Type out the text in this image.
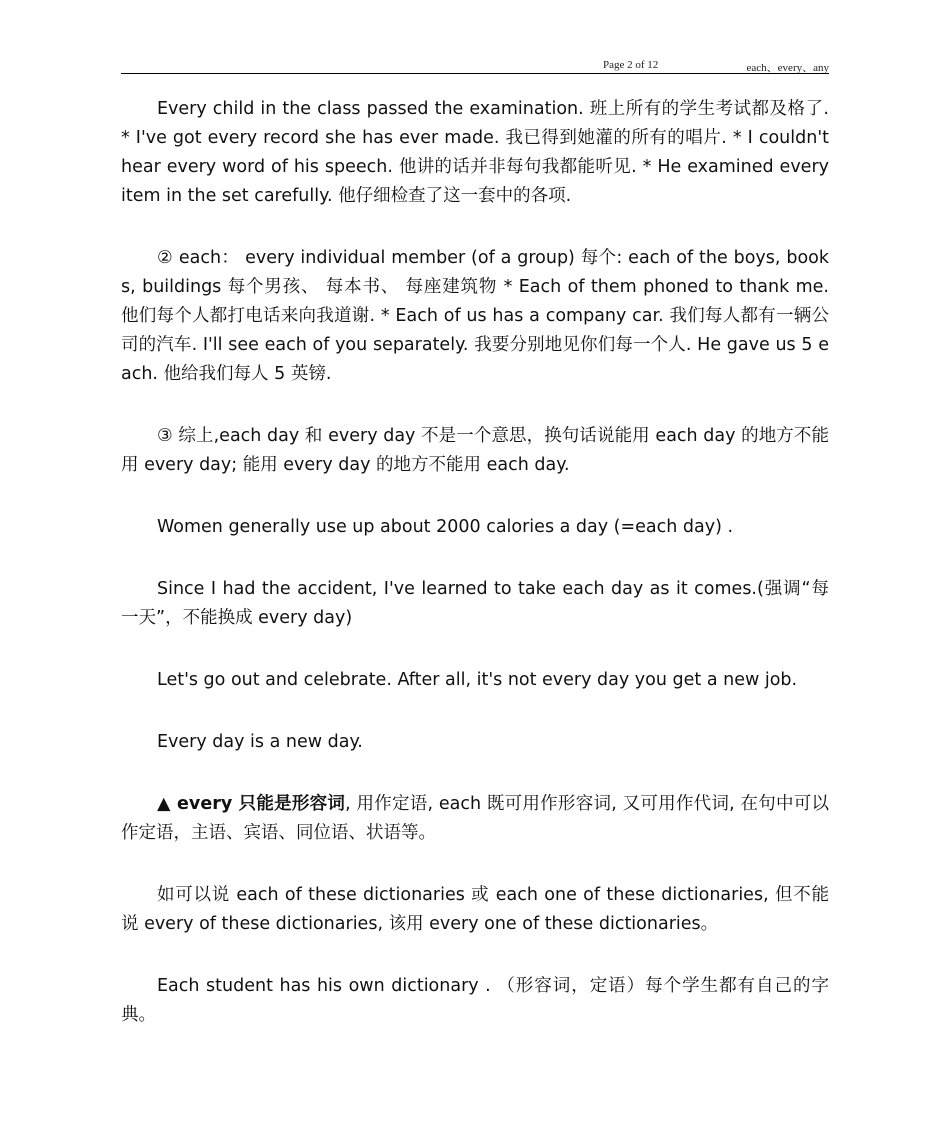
Page 2 of 12	each、every、any

Every child in the class passed the examination. 班上所有的学生考试都及格了. * I've got every record she has ever made. 我已得到她灌的所有的唱片. * I couldn't hear every word of his speech. 他讲的话并非每句我都能听见. * He examined every item in the set carefully. 他仔细检查了这一套中的各项.

② each： every individual member (of a group) 每个: each of the boys, books, buildings 每个男孩、 每本书、 每座建筑物 * Each of them phoned to thank me. 他们每个人都打电话来向我道谢. * Each of us has a company car. 我们每人都有一辆公司的汽车. I'll see each of you separately. 我要分别地见你们每一个人. He gave us 5 each. 他给我们每人 5 英镑.

③ 综上,each day 和 every day 不是一个意思，换句话说能用 each day 的地方不能用 every day; 能用 every day 的地方不能用 each day.

Women generally use up about 2000 calories a day (=each day) .

Since I had the accident, I've learned to take each day as it comes.(强调“每一天”，不能换成 every day)

Let's go out and celebrate. After all, it's not every day you get a new job.

Every day is a new day.

▲ every 只能是形容词, 用作定语, each 既可用作形容词, 又可用作代词, 在句中可以作定语，主语、宾语、同位语、状语等。

如可以说 each of these dictionaries 或 each one of these dictionaries, 但不能说 every of these dictionaries, 该用 every one of these dictionaries。

Each student has his own dictionary . （形容词，定语）每个学生都有自己的字典。
